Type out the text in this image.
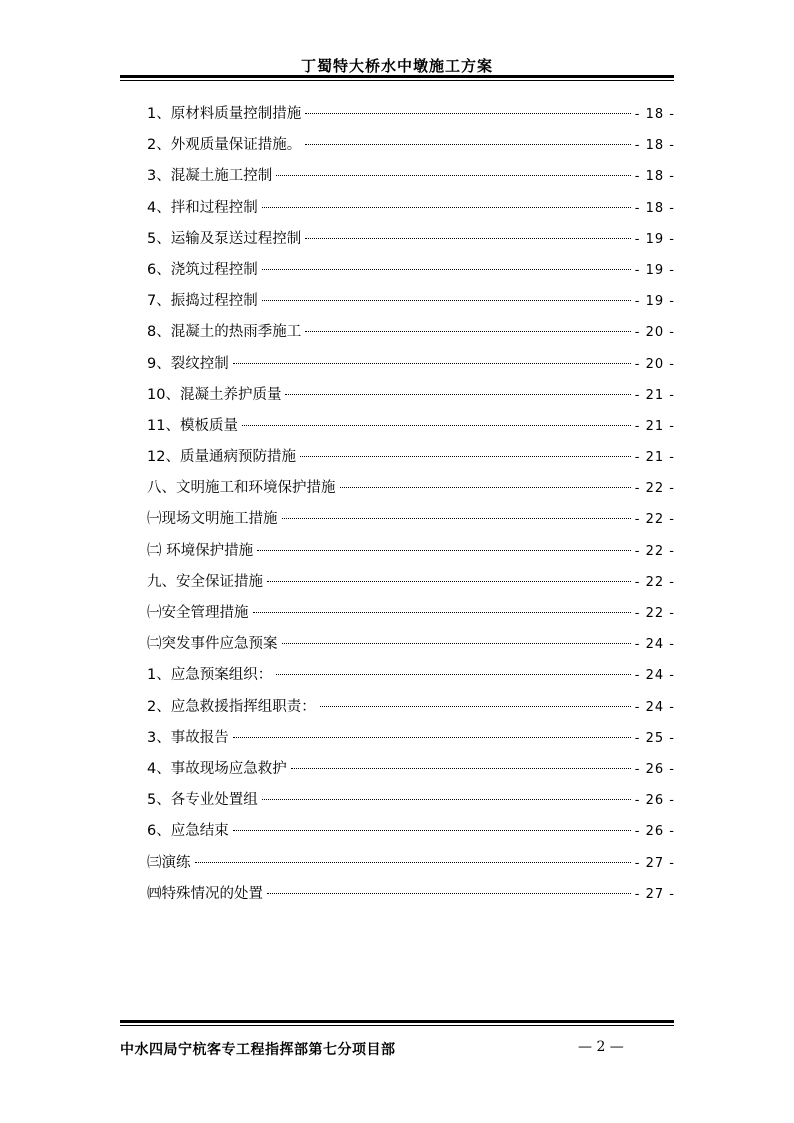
丁蜀特大桥水中墩施工方案
1、原材料质量控制措施	- 18 -
2、外观质量保证措施。	- 18 -
3、混凝土施工控制	- 18 -
4、拌和过程控制	- 18 -
5、运输及泵送过程控制	- 19 -
6、浇筑过程控制	- 19 -
7、振捣过程控制	- 19 -
8、混凝土的热雨季施工	- 20 -
9、裂纹控制	- 20 -
10、混凝土养护质量	- 21 -
11、模板质量	- 21 -
12、质量通病预防措施	- 21 -
八、文明施工和环境保护措施	- 22 -
㈠现场文明施工措施	- 22 -
㈡ 环境保护措施	- 22 -
九、安全保证措施	- 22 -
㈠安全管理措施	- 22 -
㈡突发事件应急预案	- 24 -
1、应急预案组织：	- 24 -
2、应急救援指挥组职责：	- 24 -
3、事故报告	- 25 -
4、事故现场应急救护	- 26 -
5、各专业处置组	- 26 -
6、应急结束	- 26 -
㈢演练	- 27 -
㈣特殊情况的处置	- 27 -
中水四局宁杭客专工程指挥部第七分项目部	— 2 —
